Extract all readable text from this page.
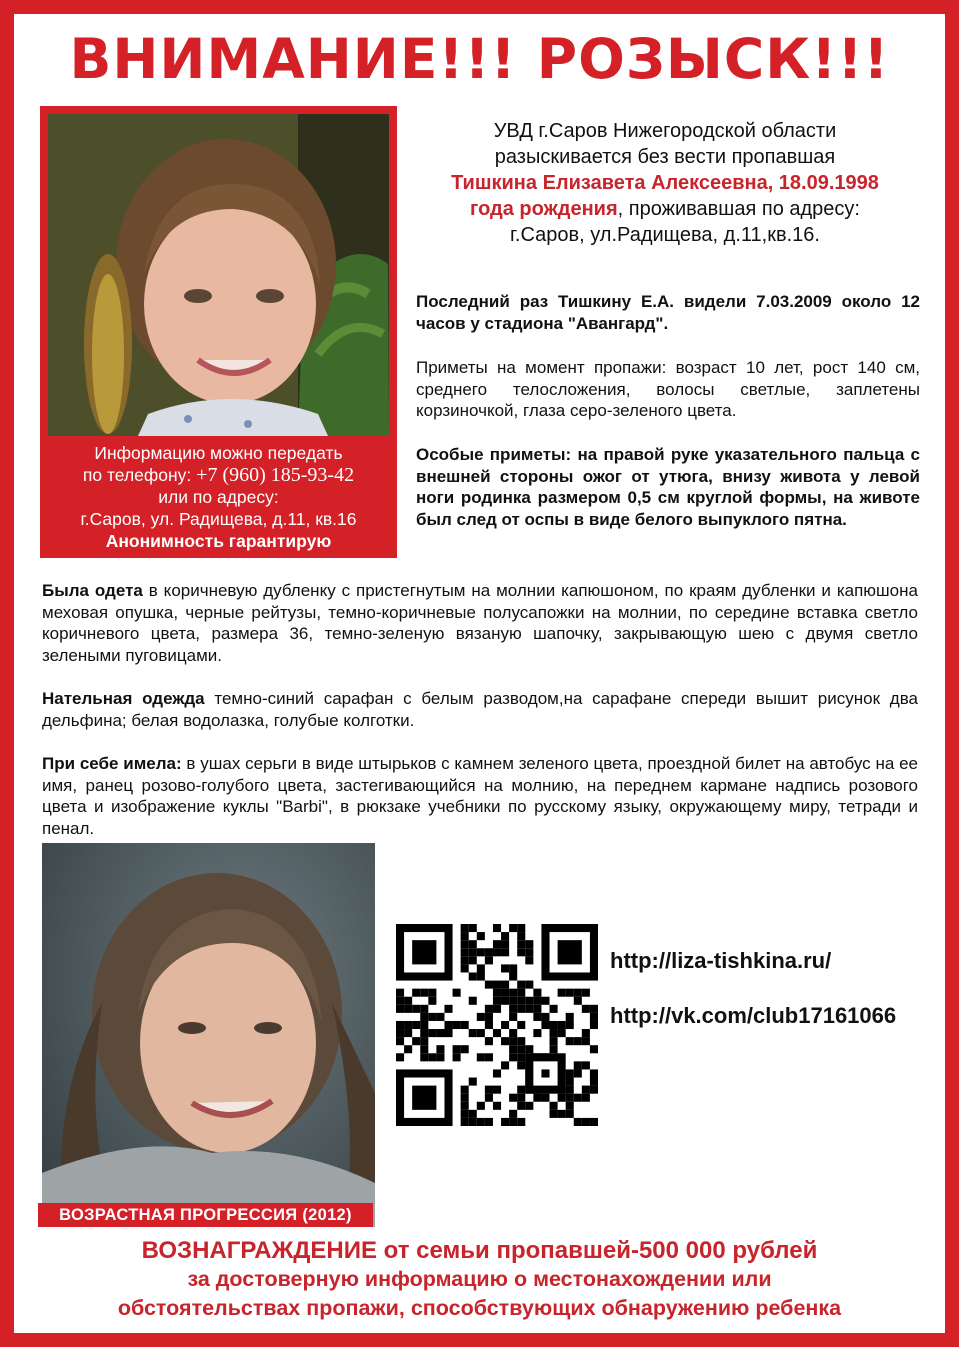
ВНИМАНИЕ!!! РОЗЫСК!!!
Информацию можно передать
по телефону: +7 (960) 185-93-42
или по адресу:
г.Саров, ул. Радищева, д.11, кв.16
Анонимность гарантирую
УВД г.Саров Нижегородской области
разыскивается без вести пропавшая
Тишкина Елизавета Алексеевна, 18.09.1998
года рождения, проживавшая по адресу:
г.Саров, ул.Радищева, д.11,кв.16.
Последний раз Тишкину Е.А. видели 7.03.2009 около 12 часов у стадиона "Авангард".
Приметы на момент пропажи: возраст 10 лет, рост 140 см, среднего телосложения, волосы светлые, заплетены корзиночкой, глаза серо-зеленого цвета.
Особые приметы: на правой руке указательного пальца с внешней стороны ожог от утюга, внизу живота у левой ноги родинка размером 0,5 см круглой формы, на животе был след от оспы в виде белого выпуклого пятна.
Была одета в коричневую дубленку с пристегнутым на молнии капюшоном, по краям дубленки и капюшона меховая опушка, черные рейтузы, темно-коричневые полусапожки на молнии, по середине вставка светло коричневого цвета, размера 36, темно-зеленую вязаную шапочку, закрывающую шею с двумя светло зелеными пуговицами.
Нательная одежда темно-синий сарафан с белым разводом,на сарафане спереди вышит рисунок два дельфина; белая водолазка, голубые колготки.
При себе имела: в ушах серьги в виде штырьков с камнем зеленого цвета, проездной билет на автобус на ее имя, ранец розово-голубого цвета, застегивающийся на молнию, на переднем кармане надпись розового цвета и изображение куклы "Barbi", в рюкзаке учебники по русскому языку, окружающему миру, тетради и пенал.
ВОЗРАСТНАЯ ПРОГРЕССИЯ (2012)
http://liza-tishkina.ru/
http://vk.com/club17161066
ВОЗНАГРАЖДЕНИЕ от семьи пропавшей-500 000 рублей
за достоверную информацию о местонахождении или
обстоятельствах пропажи, способствующих обнаружению ребенка
